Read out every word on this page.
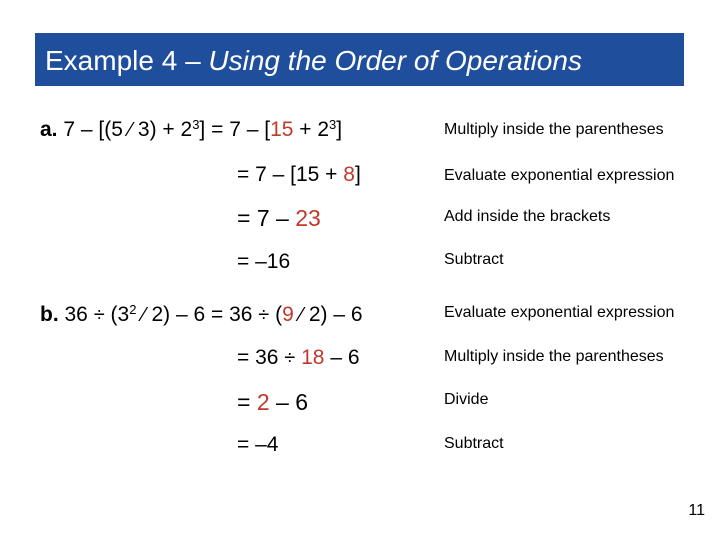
Example 4 – Using the Order of Operations
a. 7 – [(5 ⁄ $3) + 2^3] = 7 - [15 + 2^3]$	Multiply inside the parentheses
= 7 – [15 + 8]	Evaluate exponential expression
= 7 – 23	Add inside the brackets
= –16	Subtract
b. $36 \div (3^2$ ⁄ 2) – 6 = 36 ÷ (9 ⁄ 2) – 6	Evaluate exponential expression
= 36 ÷ 18 – 6	Multiply inside the parentheses
= 2 – 6	Divide
= –4	Subtract
11
